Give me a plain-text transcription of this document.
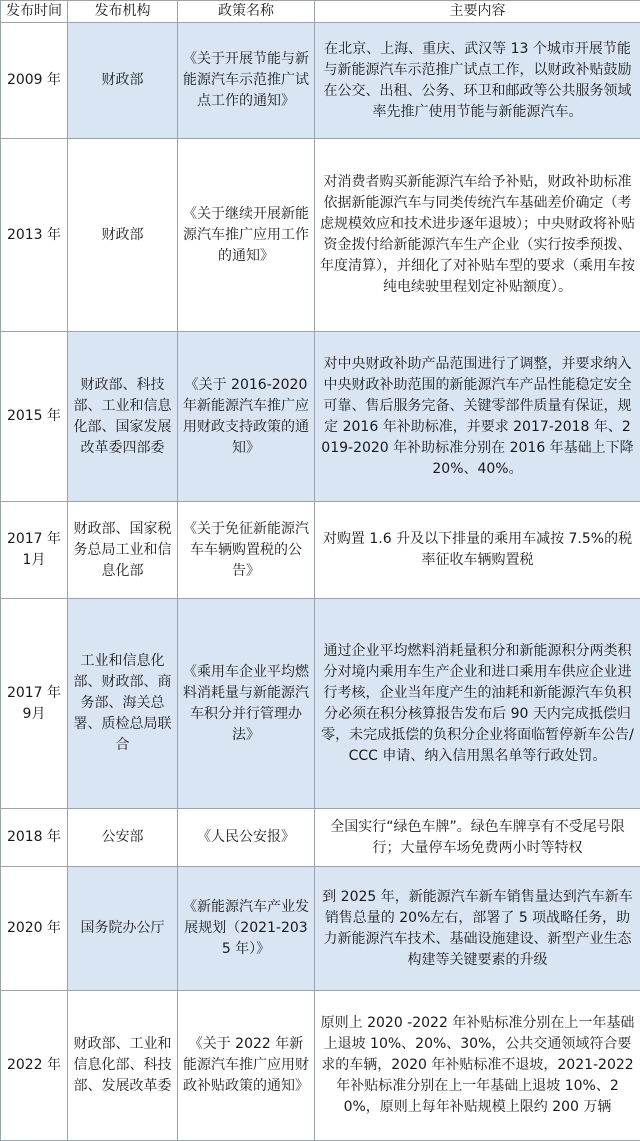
发布时间	发布机构	政策名称	主要内容
2009 年	财政部	《关于开展节能与新能源汽车示范推广试点工作的通知》	在北京、上海、重庆、武汉等 13 个城市开展节能与新能源汽车示范推广试点工作，以财政补贴鼓励在公交、出租、公务、环卫和邮政等公共服务领域率先推广使用节能与新能源汽车。
2013 年	财政部	《关于继续开展新能源汽车推广应用工作的通知》	对消费者购买新能源汽车给予补贴，财政补助标准依据新能源汽车与同类传统汽车基础差价确定（考虑规模效应和技术进步逐年退坡）；中央财政将补贴资金拨付给新能源汽车生产企业（实行按季预拨、年度清算），并细化了对补贴车型的要求（乘用车按纯电续驶里程划定补贴额度）。
2015 年	财政部、科技部、工业和信息化部、国家发展改革委四部委	《关于 2016-2020 年新能源汽车推广应用财政支持政策的通知》	对中央财政补助产品范围进行了调整，并要求纳入中央财政补助范围的新能源汽车产品性能稳定安全可靠、售后服务完备、关键零部件质量有保证，规定 2016 年补助标准，并要求 2017-2018 年、2019-2020 年补助标准分别在 2016 年基础上下降 20%、40%。
2017 年 1月	财政部、国家税务总局工业和信息化部	《关于免征新能源汽车车辆购置税的公告》	对购置 1.6 升及以下排量的乘用车减按 7.5%的税率征收车辆购置税
2017 年 9月	工业和信息化部、财政部、商务部、海关总署、质检总局联合	《乘用车企业平均燃料消耗量与新能源汽车积分并行管理办法》	通过企业平均燃料消耗量积分和新能源积分两类积分对境内乘用车生产企业和进口乘用车供应企业进行考核，企业当年度产生的油耗和新能源汽车负积分必须在积分核算报告发布后 90 天内完成抵偿归零，未完成抵偿的负积分企业将面临暂停新车公告/CCC 申请、纳入信用黑名单等行政处罚。
2018 年	公安部	《人民公安报》	全国实行“绿色车牌”。绿色车牌享有不受尾号限行；大量停车场免费两小时等特权
2020 年	国务院办公厅	《新能源汽车产业发展规划（2021-2035 年）》	到 2025 年，新能源汽车新车销售量达到汽车新车销售总量的 20%左右，部署了 5 项战略任务，助力新能源汽车技术、基础设施建设、新型产业生态构建等关键要素的升级
2022 年	财政部、工业和信息化部、科技部、发展改革委	《关于 2022 年新能源汽车推广应用财政补贴政策的通知》	原则上 2020 -2022 年补贴标准分别在上一年基础上退坡 10%、20%、30%，公共交通领域符合要求的车辆，2020 年补贴标准不退坡，2021-2022 年补贴标准分别在上一年基础上退坡 10%、20%，原则上每年补贴规模上限约 200 万辆
